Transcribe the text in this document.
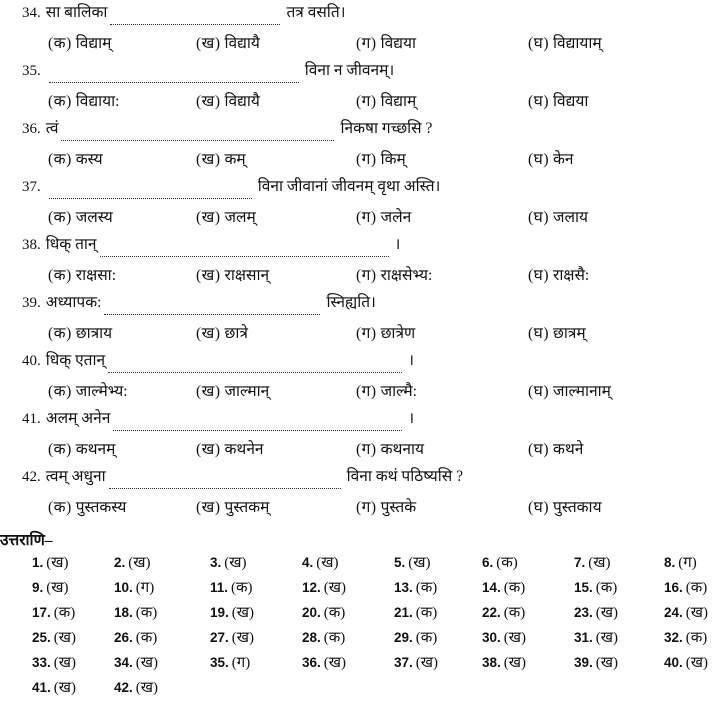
34. सा बालिका	तत्र वसति।
(क) विद्याम्	(ख) विद्यायै	(ग) विद्यया	(घ) विद्यायाम्
35.	विना न जीवनम्।
(क) विद्याया:	(ख) विद्यायै	(ग) विद्याम्	(घ) विद्यया
36. त्वं	निकषा गच्छसि ?
(क) कस्य	(ख) कम्	(ग) किम्	(घ) केन
37.	विना जीवानां जीवनम् वृथा अस्ति।
(क) जलस्य	(ख) जलम्	(ग) जलेन	(घ) जलाय
38. धिक् तान्	।
(क) राक्षसा:	(ख) राक्षसान्	(ग) राक्षसेभ्य:	(घ) राक्षसै:
39. अध्यापक:	स्निह्यति।
(क) छात्राय	(ख) छात्रे	(ग) छात्रेण	(घ) छात्रम्
40. धिक् एतान्	।
(क) जाल्मेभ्य:	(ख) जाल्मान्	(ग) जाल्मै:	(घ) जाल्मानाम्
41. अलम् अनेन	।
(क) कथनम्	(ख) कथनेन	(ग) कथनाय	(घ) कथने
42. त्वम् अधुना	विना कथं पठिष्यसि ?
(क) पुस्तकस्य	(ख) पुस्तकम्	(ग) पुस्तके	(घ) पुस्तकाय
उत्तराणि–
1. (ख)	2. (ख)	3. (ख)	4. (ख)	5. (ख)	6. (क)	7. (ख)	8. (ग)
9. (ख)	10. (ग)	11. (क)	12. (ख)	13. (क)	14. (क)	15. (क)	16. (क)
17. (क)	18. (क)	19. (ख)	20. (क)	21. (क)	22. (क)	23. (ख)	24. (ख)
25. (ख)	26. (क)	27. (ख)	28. (क)	29. (क)	30. (ख)	31. (ख)	32. (क)
33. (ख)	34. (ख)	35. (ग)	36. (ख)	37. (ख)	38. (ख)	39. (ख)	40. (ख)
41. (ख)	42. (ख)
